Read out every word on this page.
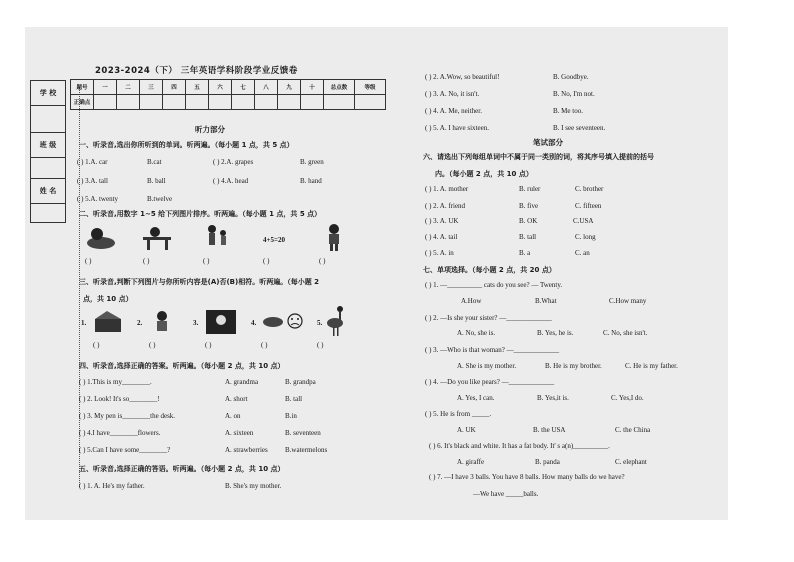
2023-2024（下） 三年英语学科阶段学业反馈卷
学 校

班 级

姓 名

题号	一	二	三	四	五	六	七	八	九	十	总点数	等级
正确点												
听力部分
一、听录音,选出你所听到的单词。听两遍。（每小题 1 点，共 5 点）
( ) 1.A. car	B.cat	( ) 2.A. grapes	B. green
( ) 3.A. tall	B. ball	( ) 4.A. head	B. hand
( ) 5.A. twenty	B.twelve
二、听录音,用数字 1~5 给下列图片排序。听两遍。（每小题 1 点，共 5 点）
4+5=20
( )	( )	( )	( )	( )
三、听录音,判断下列图片与你所听内容是(A)否(B)相符。听两遍。（每小题 2
点，共 10 点）
1.	2.	3.	4.	5.
( )	( )	( )	( )	( )
四、听录音,选择正确的答案。听两遍。（每小题 2 点，共 10 点）
( ) 1.This is my________.	A. grandma	B. grandpa
( ) 2. Look! It's so________!	A. short	B. tall
( ) 3. My pen is________the desk.	A. on	B.in
( ) 4.I have________flowers.	A. sixteen	B. seventeen
( ) 5.Can I have some________?	A. strawberries B.watermelons
五、听录音,选择正确的答语。听两遍。（每小题 2 点，共 10 点）
( ) 1. A. He's my father.	B. She's my mother.
( ) 2. A.Wow, so beautiful!	B. Goodbye.
( ) 3. A. No, it isn't.	B. No, I'm not.
( ) 4. A. Me, neither.	B. Me too.
( ) 5. A. I have sixteen.	B. I see seventeen.
笔试部分
六、请选出下列每组单词中不属于同一类别的词，将其序号填入提前的括号
内。（每小题 2 点，共 10 点）
( ) 1. A. mother	B. ruler	C. brother
( ) 2. A. friend	B. five	C. fifteen
( ) 3. A. UK	B. OK	C.USA
( ) 4. A. tail	B. tall	C. long
( ) 5. A. in	B. a	C. an
七、单项选择。（每小题 2 点，共 20 点）
( ) 1. —__________ cats do you see? — Twenty.
A.How	B.What	C.How many
( ) 2. —Is she your sister? —_____________
A. No, she is.	B. Yes, he is.	C. No, she isn't.
( ) 3. —Who is that woman? —_____________
A. She is my mother.	B. He is my brother.	C. He is my father.
( ) 4. —Do you like pears? —_____________
A. Yes, I can.	B. Yes,it is.	C. Yes,I do.
( ) 5. He is from _____.
A. UK	B. the USA	C. the China
( ) 6. It's black and white. It has a fat body. It' s a(n)__________.
A. giraffe	B. panda	C. elephant
( ) 7. —I have 3 balls. You have 8 balls. How many balls do we have?
—We have _____balls.
